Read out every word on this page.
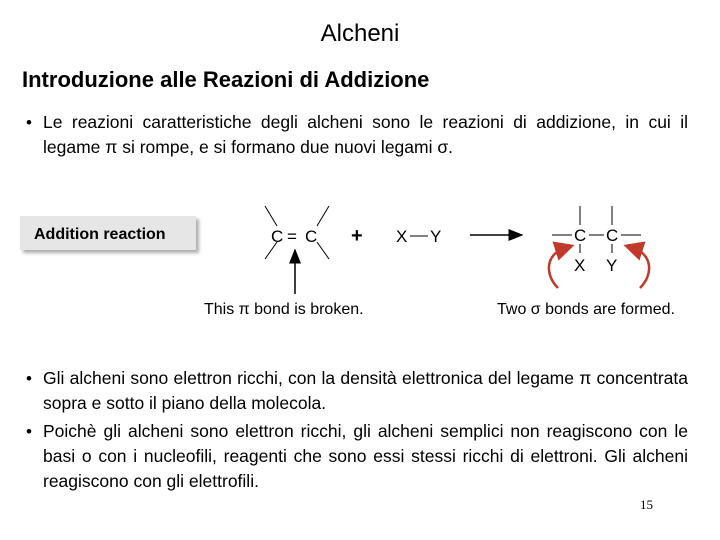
Alcheni
Introduzione alle Reazioni di Addizione
• Le reazioni caratteristiche degli alcheni sono le reazioni di addizione, in cui il legame π si rompe, e si formano due nuovi legami σ.
Addition reaction	C = C + X Y	C C
X Y
This π bond is broken.	Two σ bonds are formed.
• Gli alcheni sono elettron ricchi, con la densità elettronica del legame π concentrata sopra e sotto il piano della molecola.
• Poichè gli alcheni sono elettron ricchi, gli alcheni semplici non reagiscono con le basi o con i nucleofili, reagenti che sono essi stessi ricchi di elettroni. Gli alcheni reagiscono con gli elettrofili.
15
